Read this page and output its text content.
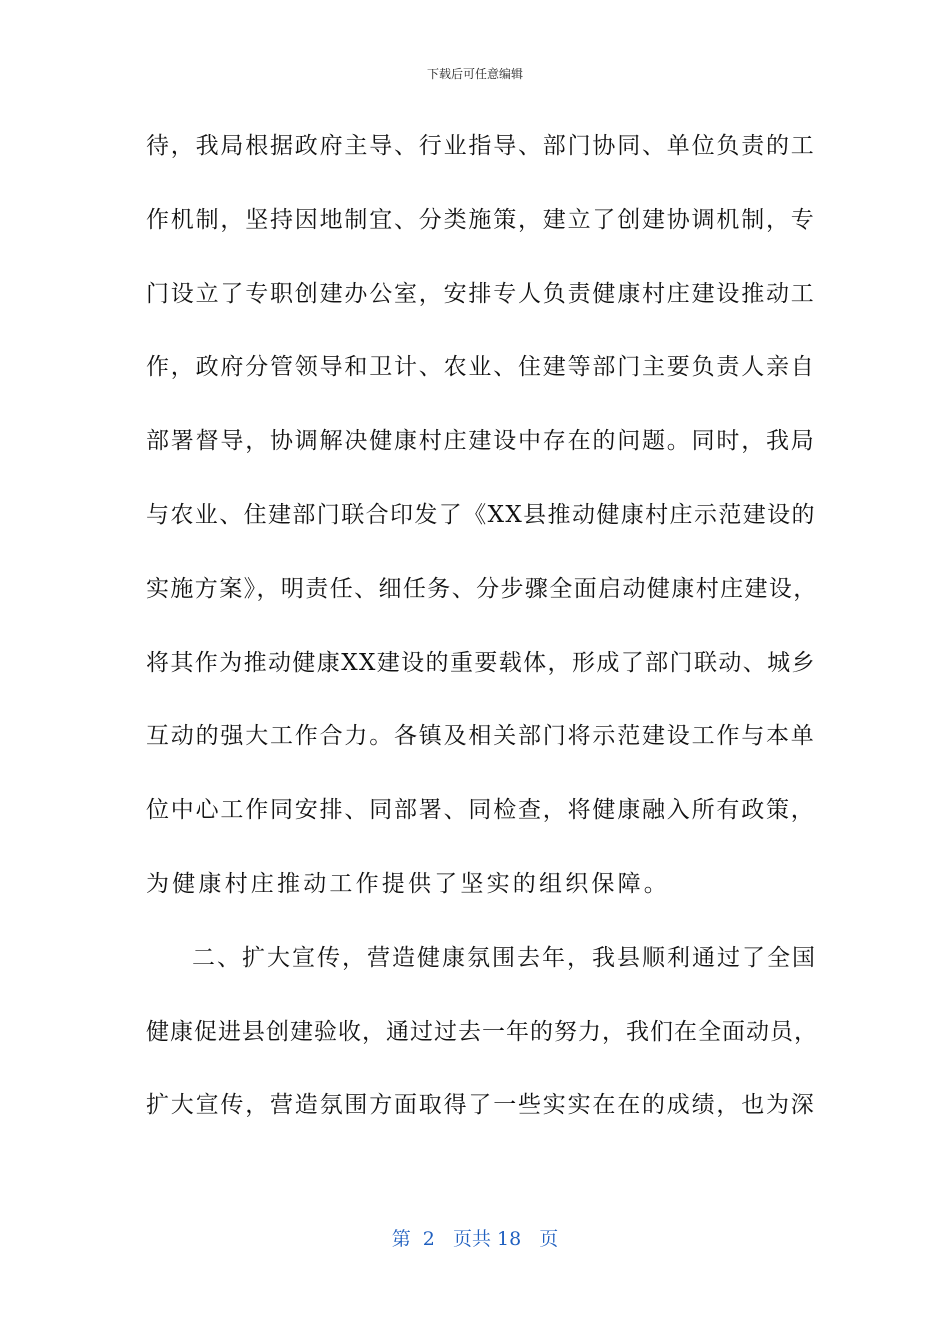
下载后可任意编辑
待，我局根据政府主导、行业指导、部门协同、单位负责的工
作机制，坚持因地制宜、分类施策，建立了创建协调机制，专
门设立了专职创建办公室，安排专人负责健康村庄建设推动工
作，政府分管领导和卫计、农业、住建等部门主要负责人亲自
部署督导，协调解决健康村庄建设中存在的问题。同时，我局
与农业、住建部门联合印发了《XX县推动健康村庄示范建设的
实施方案》，明责任、细任务、分步骤全面启动健康村庄建设，
将其作为推动健康XX建设的重要载体，形成了部门联动、城乡
互动的强大工作合力。各镇及相关部门将示范建设工作与本单
位中心工作同安排、同部署、同检查，将健康融入所有政策，
为健康村庄推动工作提供了坚实的组织保障。
二、扩大宣传，营造健康氛围去年，我县顺利通过了全国
健康促进县创建验收，通过过去一年的努力，我们在全面动员，
扩大宣传，营造氛围方面取得了一些实实在在的成绩，也为深
第  2   页共 18   页
